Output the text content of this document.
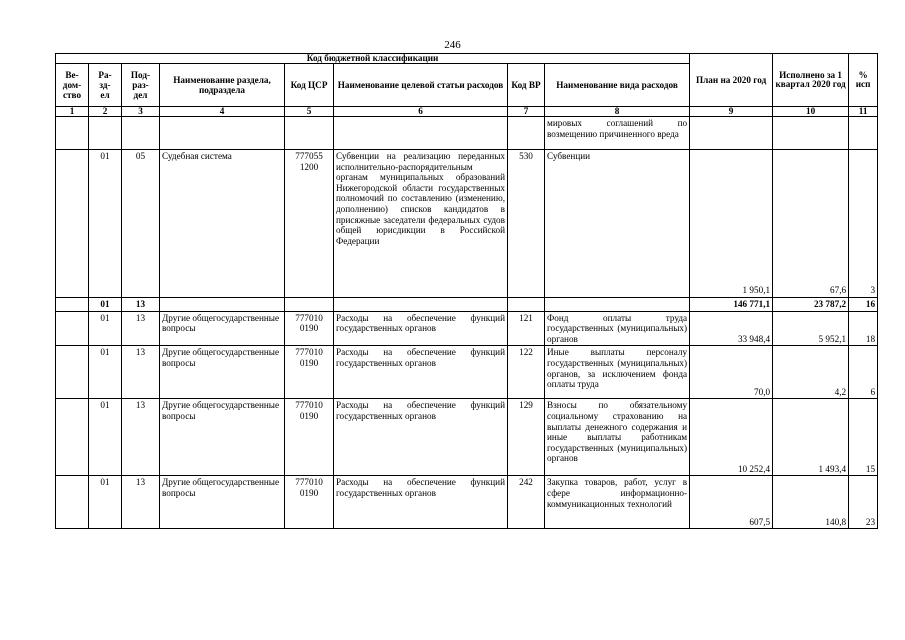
246
Код бюджетной классификации								План на 2020 год	Исполнено за 1 квартал 2020 год	% исп
Ве-
дом-
ство	Ра-
зд-
ел	Под-
раз-
дел	Наименование раздела, подраздела	Код ЦСР	Наименование целевой статьи расходов	Код ВР	Наименование вида расходов			
1	2	3	4	5	6	7	8	9	10	11
							мировых соглашений по возмещению причиненного вреда			
	01	05	Судебная система	777055 1200	Субвенции на реализацию переданных исполнительно-распорядительным органам муниципальных образований Нижегородской области государственных полномочий по составлению (изменению, дополнению) списков кандидатов в присяжные заседатели федеральных судов общей юрисдикции в Российской Федерации	530	Субвенции	1 950,1	67,6	3
	01	13						146 771,1	23 787,2	16
	01	13	Другие общегосударственные вопросы	777010 0190	Расходы на обеспечение функций государственных органов	121	Фонд оплаты труда государственных (муниципальных) органов	33 948,4	5 952,1	18
	01	13	Другие общегосударственные вопросы	777010 0190	Расходы на обеспечение функций государственных органов	122	Иные выплаты персоналу государственных (муниципальных) органов, за исключением фонда оплаты труда	70,0	4,2	6
	01	13	Другие общегосударственные вопросы	777010 0190	Расходы на обеспечение функций государственных органов	129	Взносы по обязательному социальному страхованию на выплаты денежного содержания и иные выплаты работникам государственных (муниципальных) органов	10 252,4	1 493,4	15
	01	13	Другие общегосударственные вопросы	777010 0190	Расходы на обеспечение функций государственных органов	242	Закупка товаров, работ, услуг в сфере информационно-коммуникационных технологий	607,5	140,8	23
